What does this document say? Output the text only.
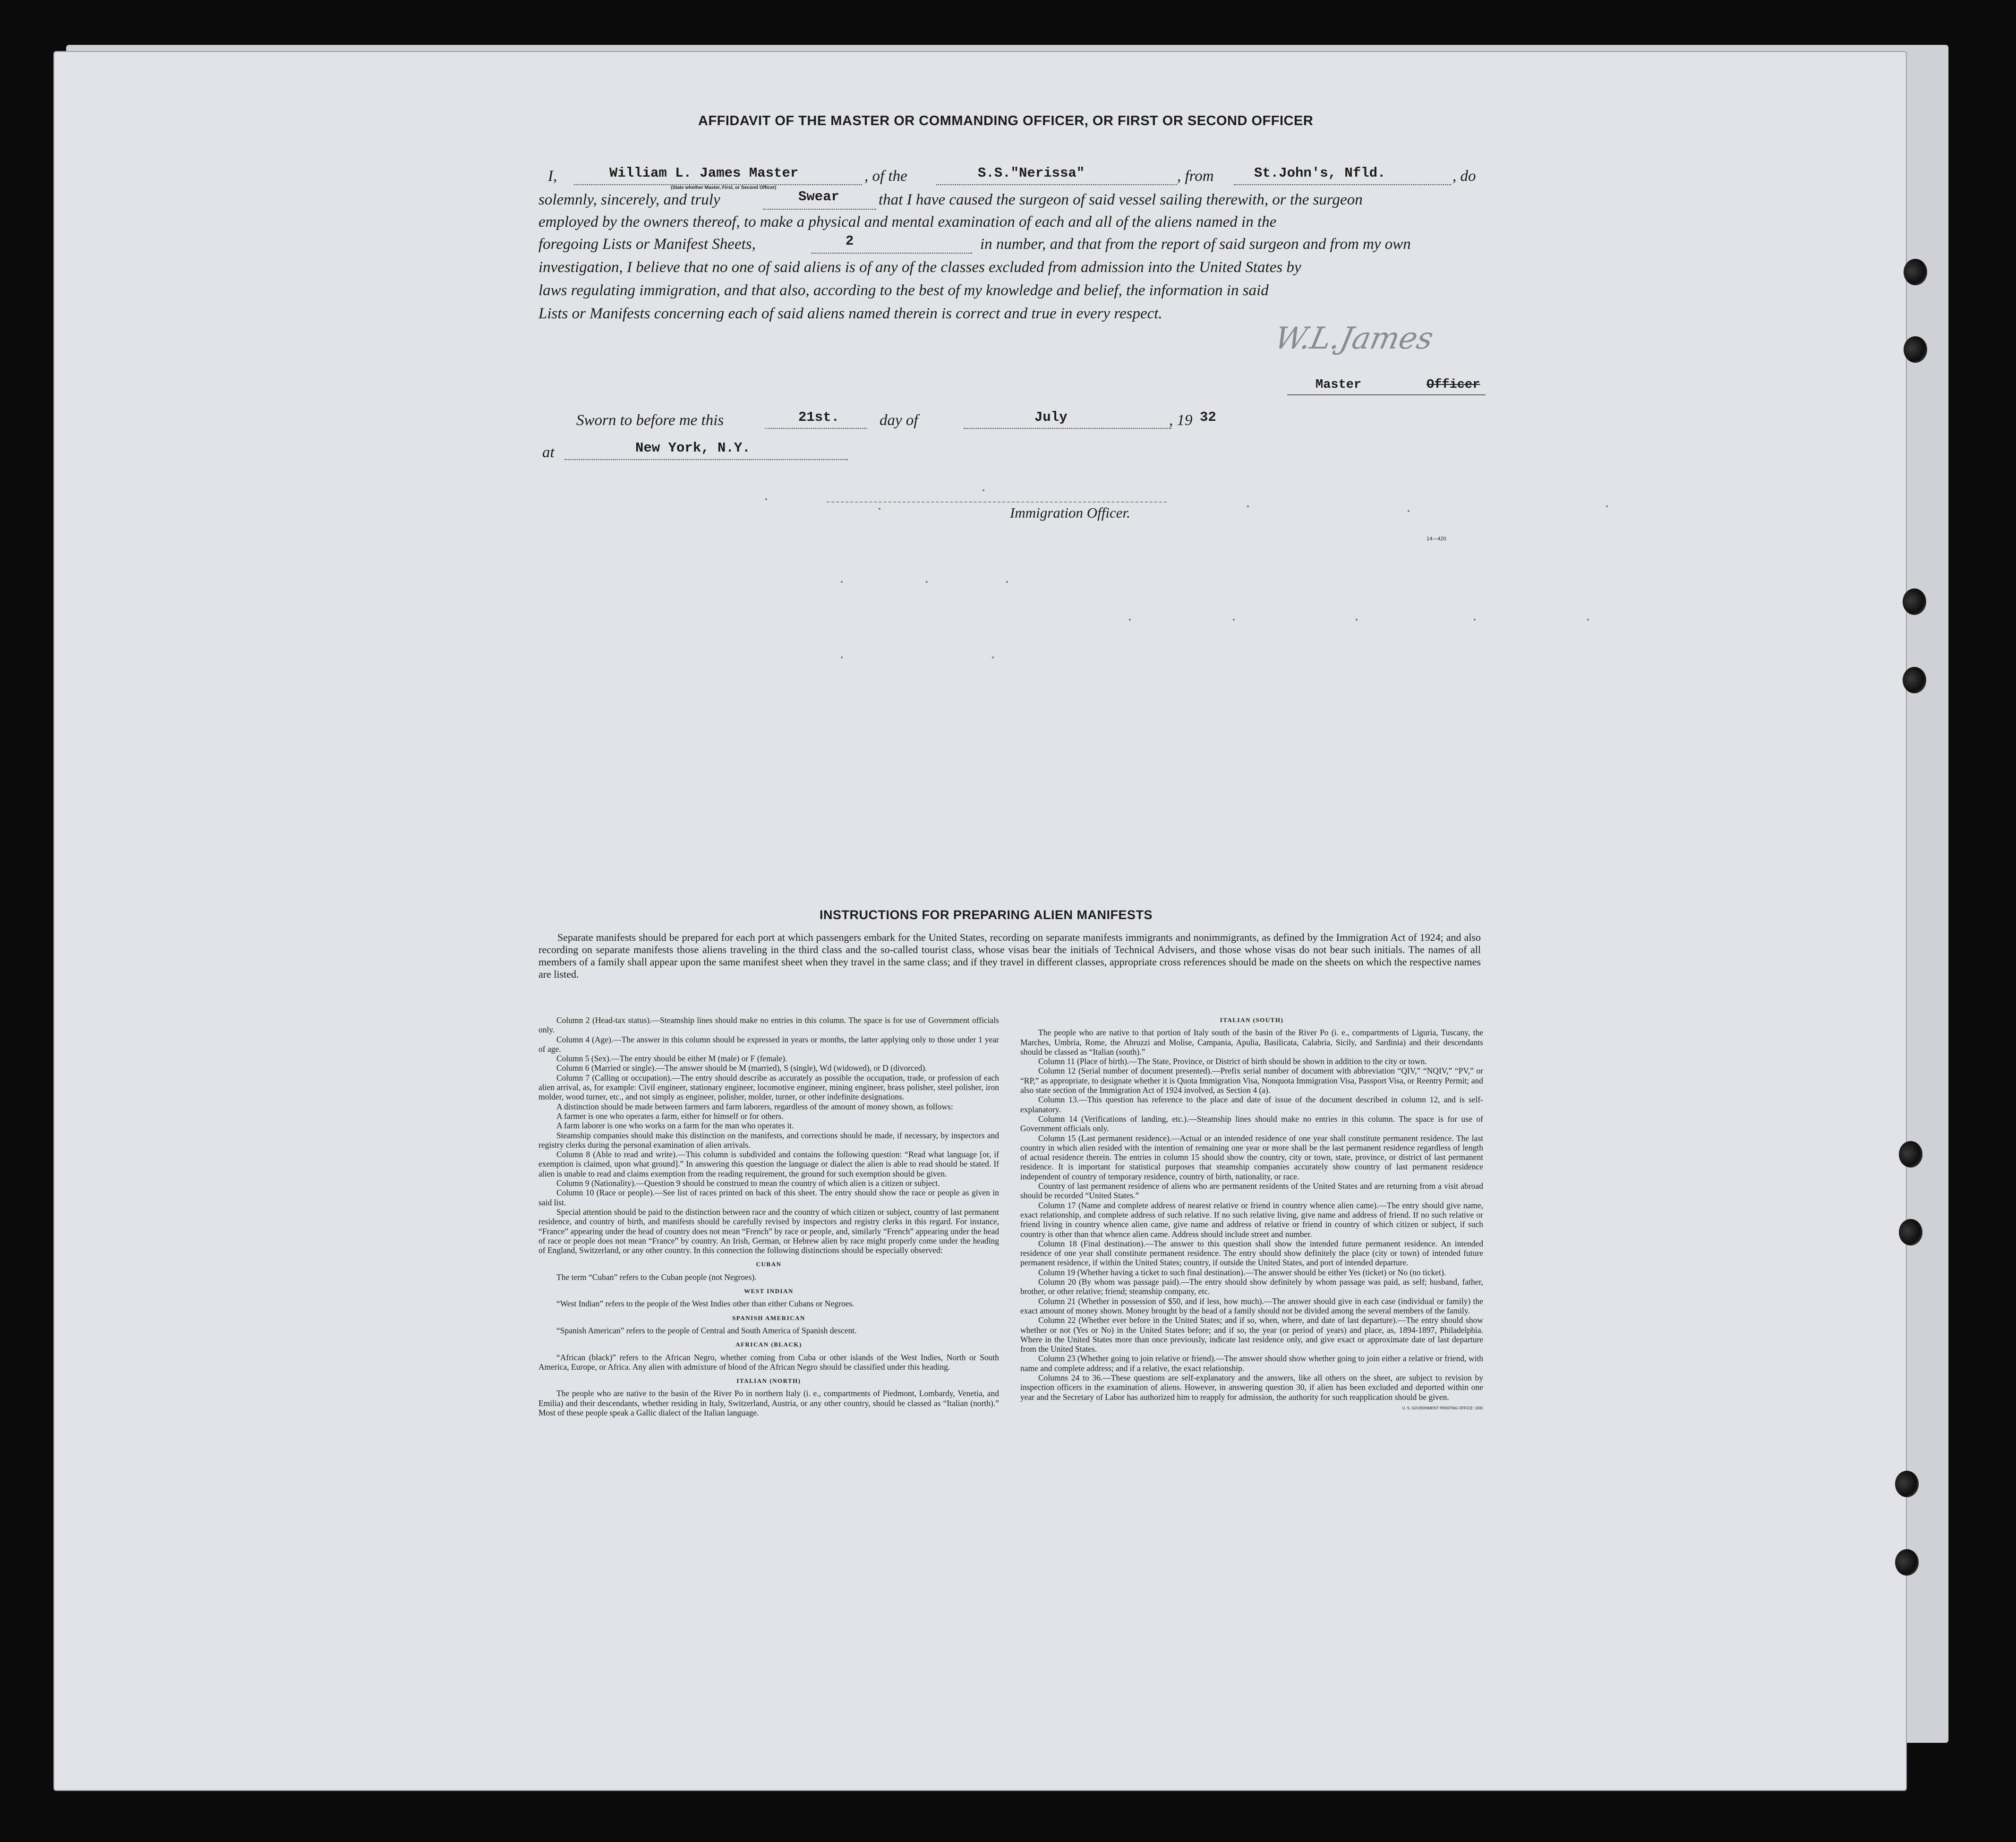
AFFIDAVIT OF THE MASTER OR COMMANDING OFFICER, OR FIRST OR SECOND OFFICER
I,	William L. James Master
(State whether Master, First, or Second Officer)
, of the	S.S."Nerissa"	, from	St.John's, Nfld.	, do
solemnly, sincerely, and truly	Swear	that I have caused the surgeon of said vessel sailing therewith, or the surgeon
employed by the owners thereof, to make a physical and mental examination of each and all of the aliens named in the
foregoing Lists or Manifest Sheets,	2	in number, and that from the report of said surgeon and from my own
investigation, I believe that no one of said aliens is of any of the classes excluded from admission into the United States by
laws regulating immigration, and that also, according to the best of my knowledge and belief, the information in said
Lists or Manifests concerning each of said aliens named therein is correct and true in every respect.
W.L.James
Master	Officer
Sworn to before me this	21st.	day of	July	, 19 32
at	New York, N.Y.
Immigration Officer.
14—420
INSTRUCTIONS FOR PREPARING ALIEN MANIFESTS
Separate manifests should be prepared for each port at which passengers embark for the United States, recording on separate manifests immigrants and nonimmigrants, as defined by the Immigration Act of 1924; and also recording on separate manifests those aliens traveling in the third class and the so-called tourist class, whose visas bear the initials of Technical Advisers, and those whose visas do not bear such initials. The names of all members of a family shall appear upon the same manifest sheet when they travel in the same class; and if they travel in different classes, appropriate cross references should be made on the sheets on which the respective names are listed.

Column 2 (Head-tax status).—Steamship lines should make no entries in this column. The space is for use of Government officials only.

Column 4 (Age).—The answer in this column should be expressed in years or months, the latter applying only to those under 1 year of age.

Column 5 (Sex).—The entry should be either M (male) or F (female).

Column 6 (Married or single).—The answer should be M (married), S (single), Wd (widowed), or D (divorced).

Column 7 (Calling or occupation).—The entry should describe as accurately as possible the occupation, trade, or profession of each alien arrival, as, for example: Civil engineer, stationary engineer, locomotive engineer, mining engineer, brass polisher, steel polisher, iron molder, wood turner, etc., and not simply as engineer, polisher, molder, turner, or other indefinite designations.

A distinction should be made between farmers and farm laborers, regardless of the amount of money shown, as follows:

A farmer is one who operates a farm, either for himself or for others.

A farm laborer is one who works on a farm for the man who operates it.

Steamship companies should make this distinction on the manifests, and corrections should be made, if necessary, by inspectors and registry clerks during the personal examination of alien arrivals.

Column 8 (Able to read and write).—This column is subdivided and contains the following question: “Read what language [or, if exemption is claimed, upon what ground].” In answering this question the language or dialect the alien is able to read should be stated. If alien is unable to read and claims exemption from the reading requirement, the ground for such exemption should be given.

Column 9 (Nationality).—Question 9 should be construed to mean the country of which alien is a citizen or subject.

Column 10 (Race or people).—See list of races printed on back of this sheet. The entry should show the race or people as given in said list.

Special attention should be paid to the distinction between race and the country of which citizen or subject, country of last permanent residence, and country of birth, and manifests should be carefully revised by inspectors and registry clerks in this regard. For instance, “France” appearing under the head of country does not mean “French” by race or people, and, similarly “French” appearing under the head of race or people does not mean “France” by country. An Irish, German, or Hebrew alien by race might properly come under the heading of England, Switzerland, or any other country. In this connection the following distinctions should be especially observed:

CUBAN

The term “Cuban” refers to the Cuban people (not Negroes).

WEST INDIAN

“West Indian” refers to the people of the West Indies other than either Cubans or Negroes.

SPANISH AMERICAN

“Spanish American” refers to the people of Central and South America of Spanish descent.

AFRICAN (BLACK)

“African (black)” refers to the African Negro, whether coming from Cuba or other islands of the West Indies, North or South America, Europe, or Africa. Any alien with admixture of blood of the African Negro should be classified under this heading.

ITALIAN (NORTH)

The people who are native to the basin of the River Po in northern Italy (i. e., compartments of Piedmont, Lombardy, Venetia, and Emilia) and their descendants, whether residing in Italy, Switzerland, Austria, or any other country, should be classed as “Italian (north).” Most of these people speak a Gallic dialect of the Italian language.

ITALIAN (SOUTH)

The people who are native to that portion of Italy south of the basin of the River Po (i. e., compartments of Liguria, Tuscany, the Marches, Umbria, Rome, the Abruzzi and Molise, Campania, Apulia, Basilicata, Calabria, Sicily, and Sardinia) and their descendants should be classed as “Italian (south).”

Column 11 (Place of birth).—The State, Province, or District of birth should be shown in addition to the city or town.

Column 12 (Serial number of document presented).—Prefix serial number of document with abbreviation “QIV,” “NQIV,” “PV,” or “RP,” as appropriate, to designate whether it is Quota Immigration Visa, Nonquota Immigration Visa, Passport Visa, or Reentry Permit; and also state section of the Immigration Act of 1924 involved, as Section 4 (a).

Column 13.—This question has reference to the place and date of issue of the document described in column 12, and is self-explanatory.

Column 14 (Verifications of landing, etc.).—Steamship lines should make no entries in this column. The space is for use of Government officials only.

Column 15 (Last permanent residence).—Actual or an intended residence of one year shall constitute permanent residence. The last country in which alien resided with the intention of remaining one year or more shall be the last permanent residence regardless of length of actual residence therein. The entries in column 15 should show the country, city or town, state, province, or district of last permanent residence. It is important for statistical purposes that steamship companies accurately show country of last permanent residence independent of country of temporary residence, country of birth, nationality, or race.

Country of last permanent residence of aliens who are permanent residents of the United States and are returning from a visit abroad should be recorded “United States.”

Column 17 (Name and complete address of nearest relative or friend in country whence alien came).—The entry should give name, exact relationship, and complete address of such relative. If no such relative living, give name and address of friend. If no such relative or friend living in country whence alien came, give name and address of relative or friend in country of which citizen or subject, if such country is other than that whence alien came. Address should include street and number.

Column 18 (Final destination).—The answer to this question shall show the intended future permanent residence. An intended residence of one year shall constitute permanent residence. The entry should show definitely the place (city or town) of intended future permanent residence, if within the United States; country, if outside the United States, and port of intended departure.

Column 19 (Whether having a ticket to such final destination).—The answer should be either Yes (ticket) or No (no ticket).

Column 20 (By whom was passage paid).—The entry should show definitely by whom passage was paid, as self; husband, father, brother, or other relative; friend; steamship company, etc.

Column 21 (Whether in possession of $50, and if less, how much).—The answer should give in each case (individual or family) the exact amount of money shown. Money brought by the head of a family should not be divided among the several members of the family.

Column 22 (Whether ever before in the United States; and if so, when, where, and date of last departure).—The entry should show whether or not (Yes or No) in the United States before; and if so, the year (or period of years) and place, as, 1894-1897, Philadelphia. Where in the United States more than once previously, indicate last residence only, and give exact or approximate date of last departure from the United States.

Column 23 (Whether going to join relative or friend).—The answer should show whether going to join either a relative or friend, with name and complete address; and if a relative, the exact relationship.

Columns 24 to 36.—These questions are self-explanatory and the answers, like all others on the sheet, are subject to revision by inspection officers in the examination of aliens. However, in answering question 30, if alien has been excluded and deported within one year and the Secretary of Labor has authorized him to reapply for admission, the authority for such reapplication should be given.

U. S. GOVERNMENT PRINTING OFFICE: 1931
